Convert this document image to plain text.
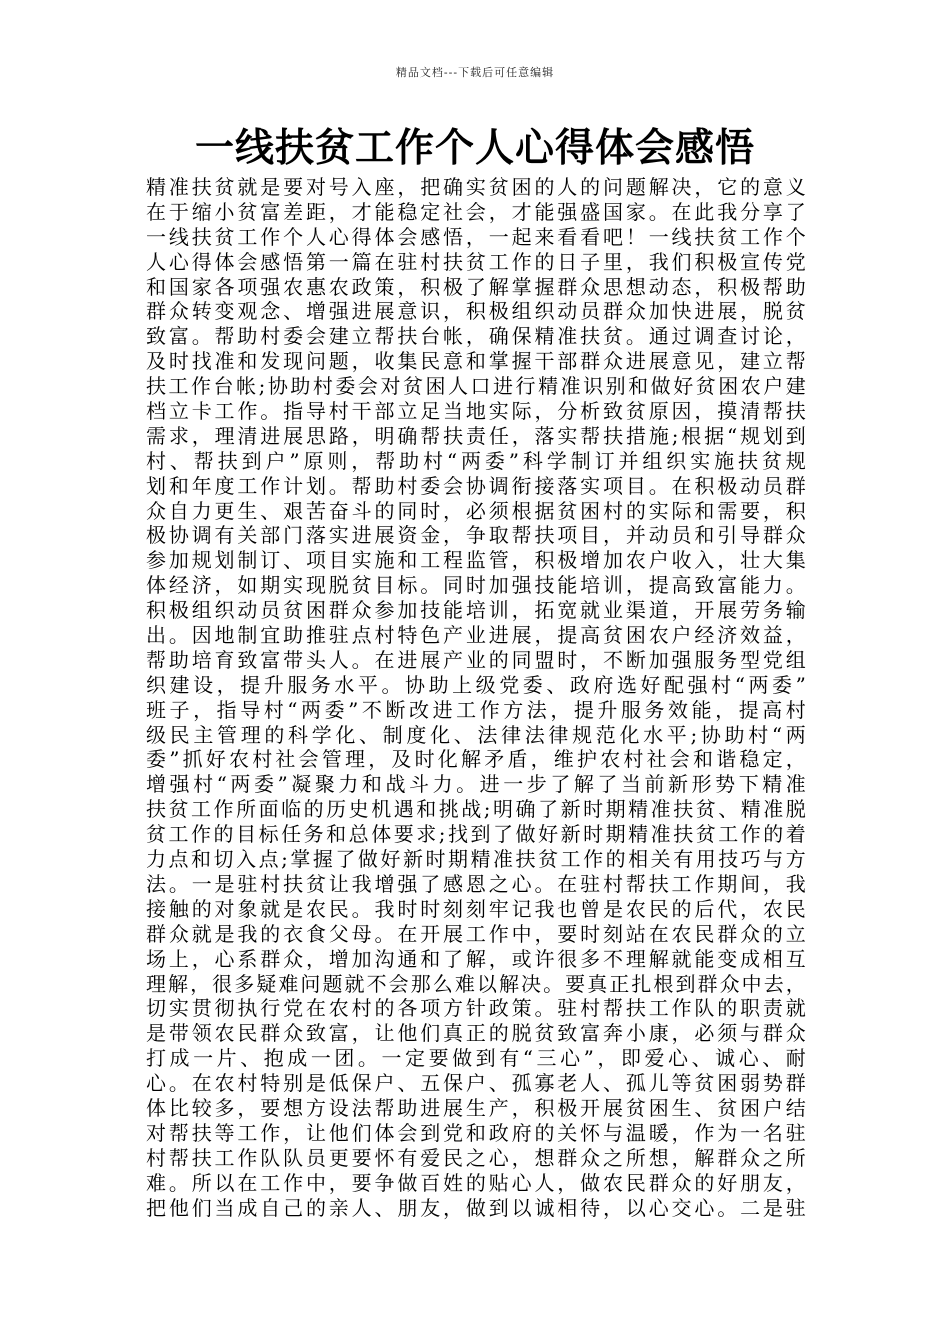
精品文档---下载后可任意编辑
一线扶贫工作个人心得体会感悟
精准扶贫就是要对号入座，把确实贫困的人的问题解决，它的意义
在于缩小贫富差距，才能稳定社会，才能强盛国家。在此我分享了
一线扶贫工作个人心得体会感悟，一起来看看吧！一线扶贫工作个
人心得体会感悟第一篇在驻村扶贫工作的日子里，我们积极宣传党
和国家各项强农惠农政策，积极了解掌握群众思想动态，积极帮助
群众转变观念、增强进展意识，积极组织动员群众加快进展，脱贫
致富。帮助村委会建立帮扶台帐，确保精准扶贫。通过调查讨论，
及时找准和发现问题，收集民意和掌握干部群众进展意见，建立帮
扶工作台帐;协助村委会对贫困人口进行精准识别和做好贫困农户建
档立卡工作。指导村干部立足当地实际，分析致贫原因，摸清帮扶
需求，理清进展思路，明确帮扶责任，落实帮扶措施;根据“规划到
村、帮扶到户”原则，帮助村“两委”科学制订并组织实施扶贫规
划和年度工作计划。帮助村委会协调衔接落实项目。在积极动员群
众自力更生、艰苦奋斗的同时，必须根据贫困村的实际和需要，积
极协调有关部门落实进展资金，争取帮扶项目，并动员和引导群众
参加规划制订、项目实施和工程监管，积极增加农户收入，壮大集
体经济，如期实现脱贫目标。同时加强技能培训，提高致富能力。
积极组织动员贫困群众参加技能培训，拓宽就业渠道，开展劳务输
出。因地制宜助推驻点村特色产业进展，提高贫困农户经济效益，
帮助培育致富带头人。在进展产业的同盟时，不断加强服务型党组
织建设，提升服务水平。协助上级党委、政府选好配强村“两委”
班子，指导村“两委”不断改进工作方法，提升服务效能，提高村
级民主管理的科学化、制度化、法律法律规范化水平;协助村“两
委”抓好农村社会管理，及时化解矛盾，维护农村社会和谐稳定，
增强村“两委”凝聚力和战斗力。进一步了解了当前新形势下精准
扶贫工作所面临的历史机遇和挑战;明确了新时期精准扶贫、精准脱
贫工作的目标任务和总体要求;找到了做好新时期精准扶贫工作的着
力点和切入点;掌握了做好新时期精准扶贫工作的相关有用技巧与方
法。一是驻村扶贫让我增强了感恩之心。在驻村帮扶工作期间，我
接触的对象就是农民。我时时刻刻牢记我也曾是农民的后代，农民
群众就是我的衣食父母。在开展工作中，要时刻站在农民群众的立
场上，心系群众，增加沟通和了解，或许很多不理解就能变成相互
理解，很多疑难问题就不会那么难以解决。要真正扎根到群众中去，
切实贯彻执行党在农村的各项方针政策。驻村帮扶工作队的职责就
是带领农民群众致富，让他们真正的脱贫致富奔小康，必须与群众
打成一片、抱成一团。一定要做到有“三心”，即爱心、诚心、耐
心。在农村特别是低保户、五保户、孤寡老人、孤儿等贫困弱势群
体比较多，要想方设法帮助进展生产，积极开展贫困生、贫困户结
对帮扶等工作，让他们体会到党和政府的关怀与温暖，作为一名驻
村帮扶工作队队员更要怀有爱民之心，想群众之所想，解群众之所
难。所以在工作中，要争做百姓的贴心人，做农民群众的好朋友，
把他们当成自己的亲人、朋友，做到以诚相待，以心交心。二是驻
